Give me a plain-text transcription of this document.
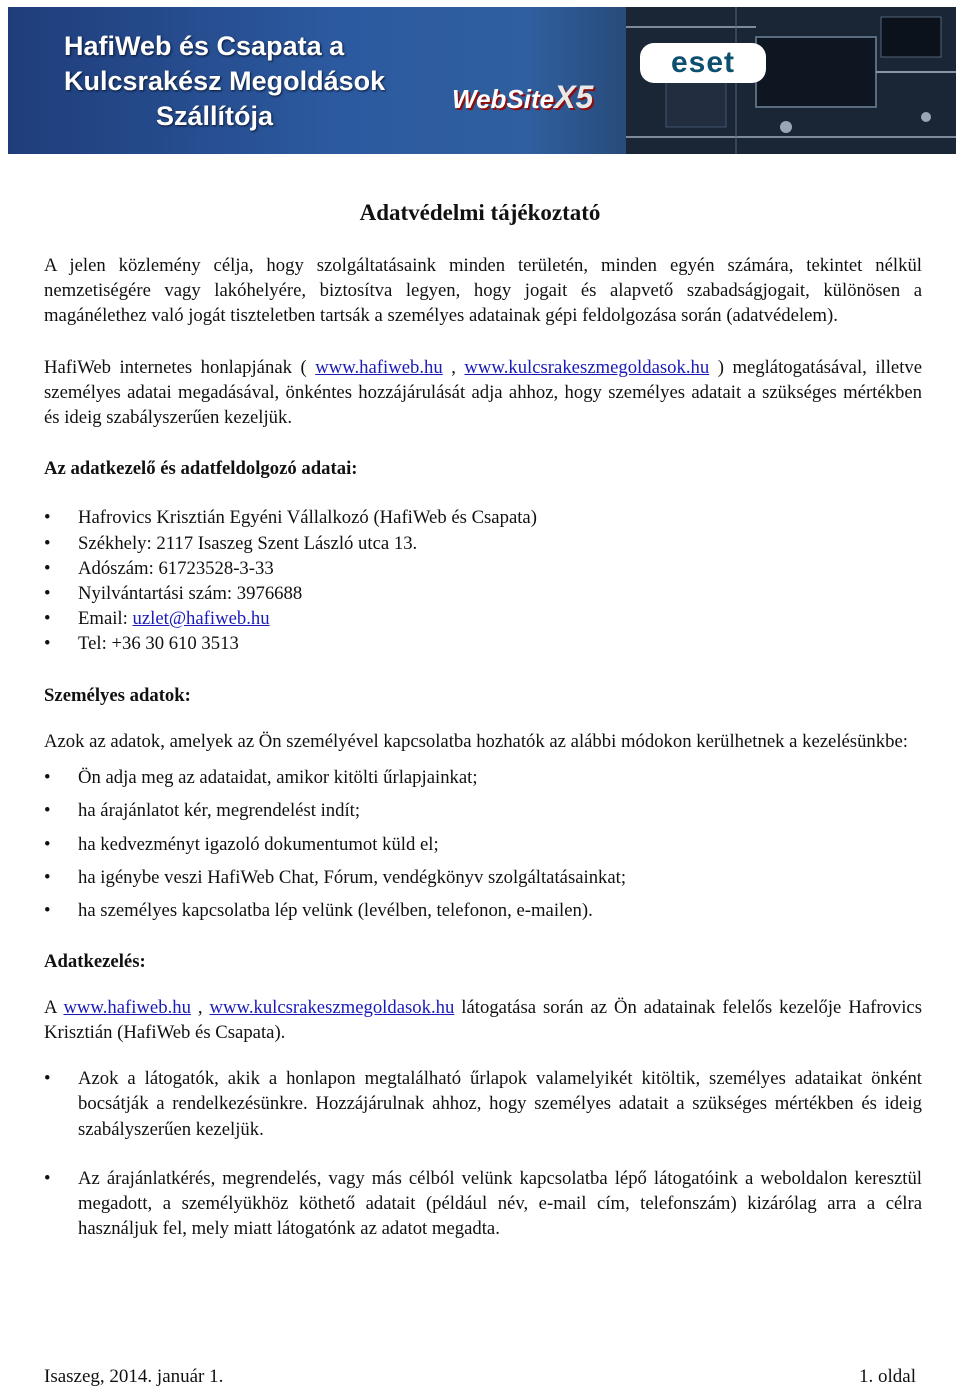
HafiWeb és Csapata a
Kulcsrakész Megoldások
Szállítója
eset
WebSiteX5
Adatvédelmi tájékoztató

A jelen közlemény célja, hogy szolgáltatásaink minden területén, minden egyén számára, tekintet nélkül nemzetiségére vagy lakóhelyére, biztosítva legyen, hogy jogait és alapvető szabadságjogait, különösen a magánélethez való jogát tiszteletben tartsák a személyes adatainak gépi feldolgozása során (adatvédelem).

HafiWeb internetes honlapjának ( www.hafiweb.hu , www.kulcsrakeszmegoldasok.hu ) meglátogatásával, illetve személyes adatai megadásával, önkéntes hozzájárulását adja ahhoz, hogy személyes adatait a szükséges mértékben és ideig szabályszerűen kezeljük.

Az adatkezelő és adatfeldolgozó adatai:
• Hafrovics Krisztián Egyéni Vállalkozó (HafiWeb és Csapata)
• Székhely: 2117 Isaszeg Szent László utca 13.
• Adószám: 61723528-3-33
• Nyilvántartási szám: 3976688
• Email: uzlet@hafiweb.hu
• Tel: +36 30 610 3513
Személyes adatok:

Azok az adatok, amelyek az Ön személyével kapcsolatba hozhatók az alábbi módokon kerülhetnek a kezelésünkbe:

• Ön adja meg az adataidat, amikor kitölti űrlapjainkat;
• ha árajánlatot kér, megrendelést indít;
• ha kedvezményt igazoló dokumentumot küld el;
• ha igénybe veszi HafiWeb Chat, Fórum, vendégkönyv szolgáltatásainkat;
• ha személyes kapcsolatba lép velünk (levélben, telefonon, e-mailen).
Adatkezelés:

A www.hafiweb.hu , www.kulcsrakeszmegoldasok.hu látogatása során az Ön adatainak felelős kezelője Hafrovics Krisztián (HafiWeb és Csapata).

• Azok a látogatók, akik a honlapon megtalálható űrlapok valamelyikét kitöltik, személyes adataikat önként bocsátják a rendelkezésünkre. Hozzájárulnak ahhoz, hogy személyes adatait a szükséges mértékben és ideig szabályszerűen kezeljük.
• Az árajánlatkérés, megrendelés, vagy más célból velünk kapcsolatba lépő látogatóink a weboldalon keresztül megadott, a személyükhöz köthető adatait (például név, e-mail cím, telefonszám) kizárólag arra a célra használjuk fel, mely miatt látogatónk az adatot megadta.
Isaszeg, 2014. január 1.	1. oldal
